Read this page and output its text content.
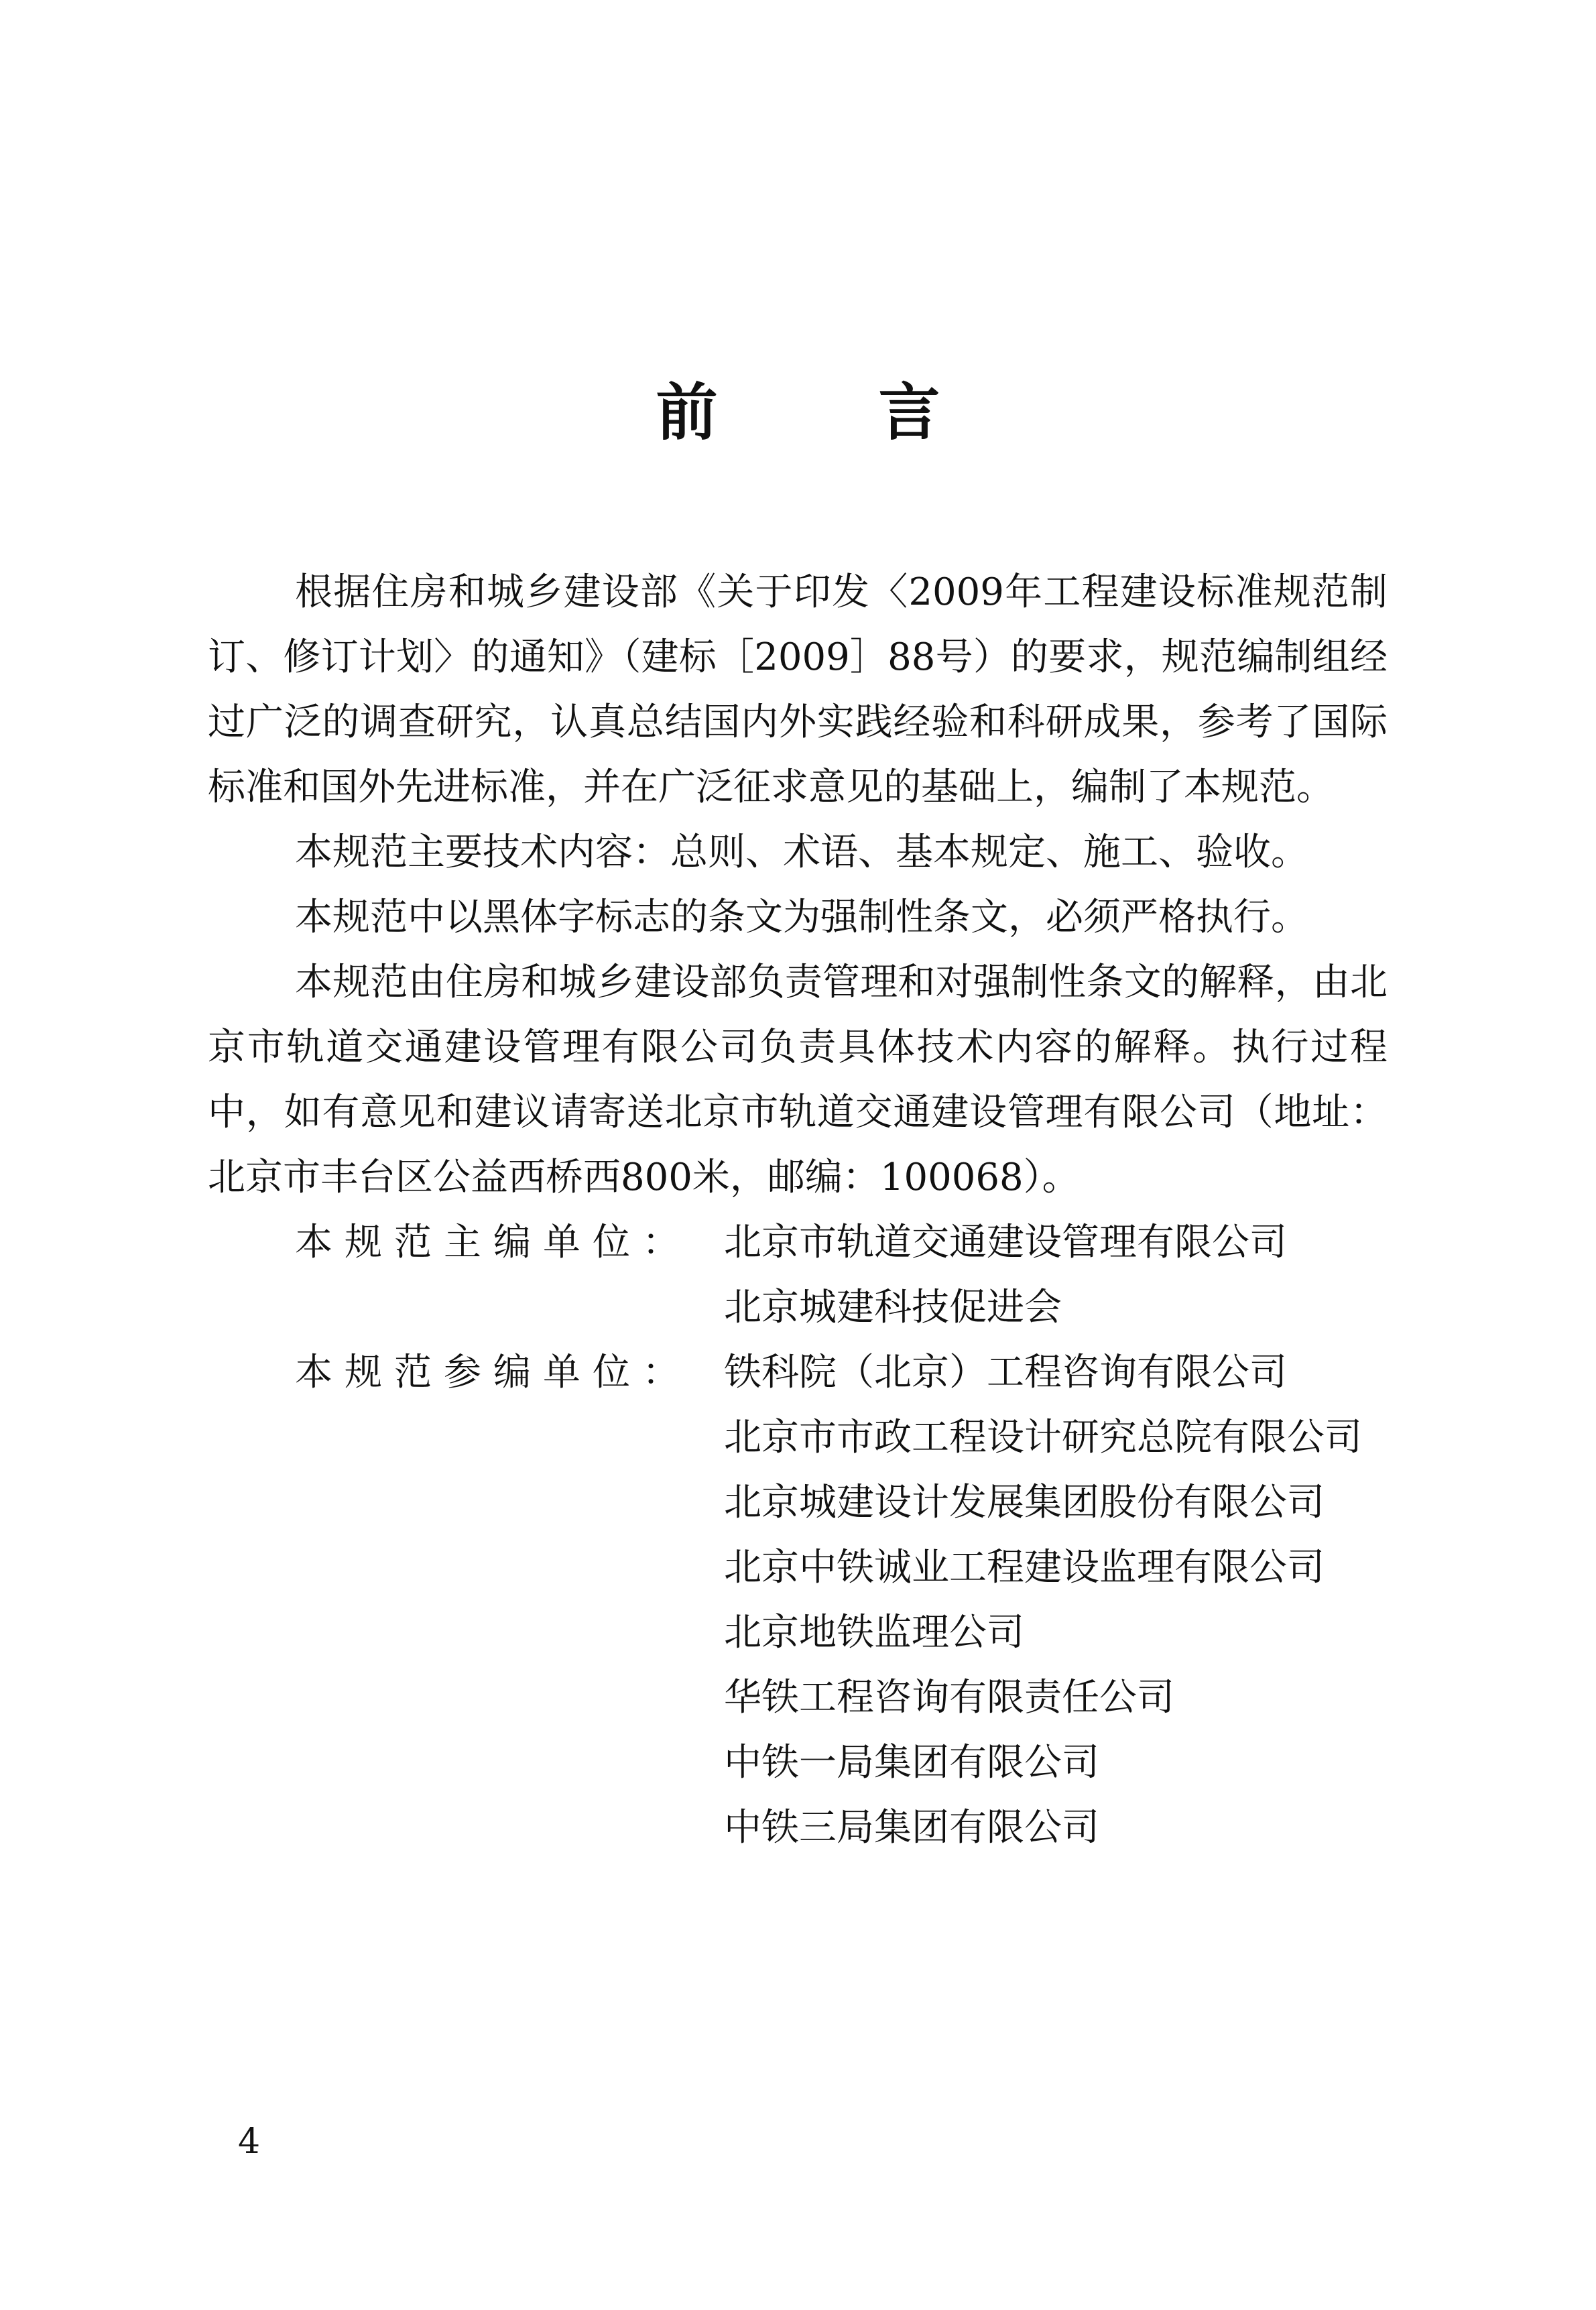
前言

根据住房和城乡建设部《关于印发〈2009年工程建设标准规范制订、修订计划〉的通知》（建标［2009］88号）的要求，规范编制组经过广泛的调查研究，认真总结国内外实践经验和科研成果，参考了国际标准和国外先进标准，并在广泛征求意见的基础上，编制了本规范。

本规范主要技术内容：总则、术语、基本规定、施工、验收。

本规范中以黑体字标志的条文为强制性条文，必须严格执行。

本规范由住房和城乡建设部负责管理和对强制性条文的解释，由北京市轨道交通建设管理有限公司负责具体技术内容的解释。执行过程中，如有意见和建议请寄送北京市轨道交通建设管理有限公司（地址：北京市丰台区公益西桥西800米，邮编：100068）。

本规范主编单位： 北京市轨道交通建设管理有限公司
北京城建科技促进会
本规范参编单位： 铁科院（北京）工程咨询有限公司
北京市市政工程设计研究总院有限公司
北京城建设计发展集团股份有限公司
北京中铁诚业工程建设监理有限公司
北京地铁监理公司
华铁工程咨询有限责任公司
中铁一局集团有限公司
中铁三局集团有限公司
4
